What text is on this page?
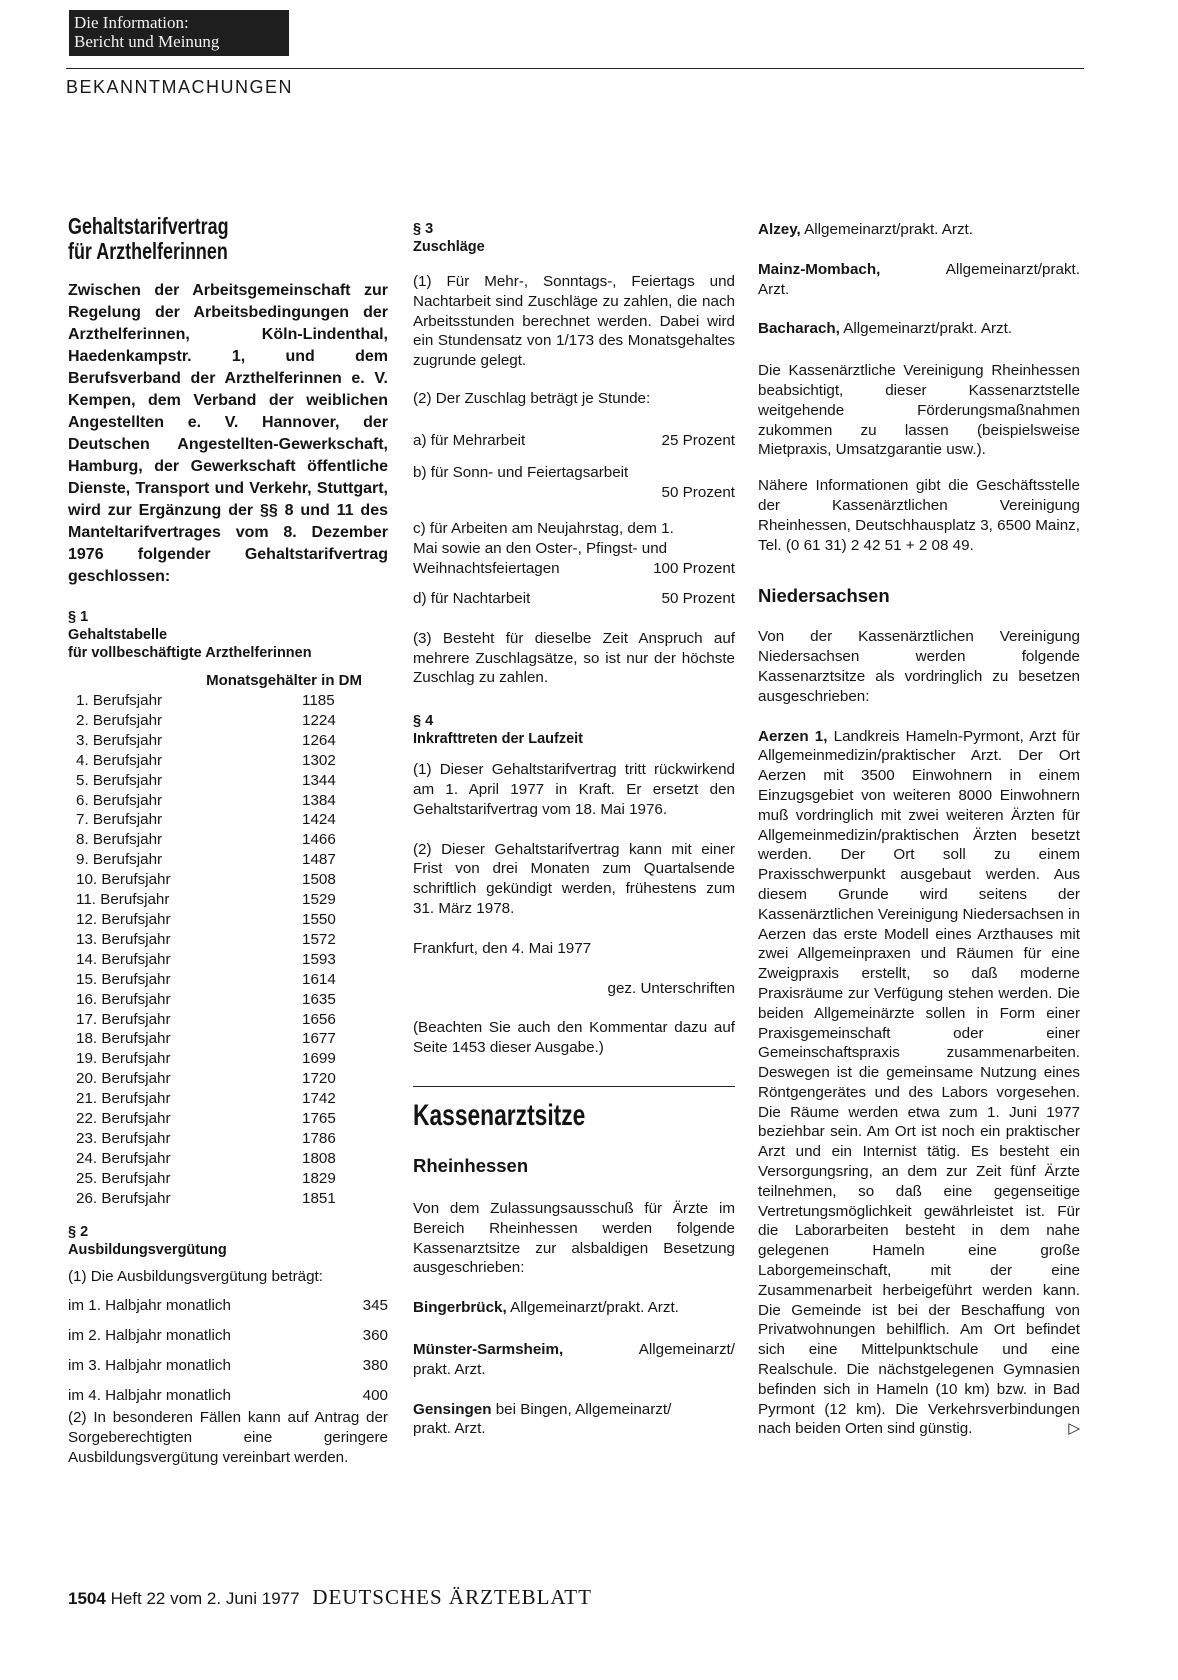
Die Information:
Bericht und Meinung
BEKANNTMACHUNGEN
Gehaltstarifvertrag
für Arzthelferinnen

Zwischen der Arbeitsgemeinschaft zur Regelung der Arbeitsbedingungen der Arzthelferinnen, Köln-Lindenthal, Haedenkampstr. 1, und dem Berufsverband der Arzthelferinnen e. V. Kempen, dem Verband der weiblichen Angestellten e. V. Hannover, der Deutschen Angestellten-Gewerkschaft, Hamburg, der Gewerkschaft öffentliche Dienste, Transport und Verkehr, Stuttgart, wird zur Ergänzung der §§ 8 und 11 des Manteltarifvertrages vom 8. Dezember 1976 folgender Gehaltstarifvertrag geschlossen:

§ 1
Gehaltstabelle
für vollbeschäftigte Arzthelferinnen
Monatsgehälter in DM	
1. Berufsjahr	1185
2. Berufsjahr	1224
3. Berufsjahr	1264
4. Berufsjahr	1302
5. Berufsjahr	1344
6. Berufsjahr	1384
7. Berufsjahr	1424
8. Berufsjahr	1466
9. Berufsjahr	1487
10. Berufsjahr	1508
11. Berufsjahr	1529
12. Berufsjahr	1550
13. Berufsjahr	1572
14. Berufsjahr	1593
15. Berufsjahr	1614
16. Berufsjahr	1635
17. Berufsjahr	1656
18. Berufsjahr	1677
19. Berufsjahr	1699
20. Berufsjahr	1720
21. Berufsjahr	1742
22. Berufsjahr	1765
23. Berufsjahr	1786
24. Berufsjahr	1808
25. Berufsjahr	1829
26. Berufsjahr	1851
§ 2
Ausbildungsvergütung

(1) Die Ausbildungsvergütung beträgt:

im 1. Halbjahr monatlich	345
im 2. Halbjahr monatlich	360
im 3. Halbjahr monatlich	380
im 4. Halbjahr monatlich	400

(2) In besonderen Fällen kann auf Antrag der Sorgeberechtigten eine geringere Ausbildungsvergütung vereinbart werden.

§ 3
Zuschläge

(1) Für Mehr-, Sonntags-, Feiertags und Nachtarbeit sind Zuschläge zu zahlen, die nach Arbeitsstunden berechnet werden. Dabei wird ein Stundensatz von 1/173 des Monatsgehaltes zugrunde gelegt.

(2) Der Zuschlag beträgt je Stunde:

a) für Mehrarbeit	25 Prozent
b) für Sonn- und Feiertagsarbeit
50 Prozent
c) für Arbeiten am Neujahrstag, dem 1.
Mai sowie an den Oster-, Pfingst- und
Weihnachtsfeiertagen	100 Prozent
d) für Nachtarbeit	50 Prozent

(3) Besteht für dieselbe Zeit Anspruch auf mehrere Zuschlagsätze, so ist nur der höchste Zuschlag zu zahlen.

§ 4
Inkrafttreten der Laufzeit

(1) Dieser Gehaltstarifvertrag tritt rückwirkend am 1. April 1977 in Kraft. Er ersetzt den Gehaltstarifvertrag vom 18. Mai 1976.

(2) Dieser Gehaltstarifvertrag kann mit einer Frist von drei Monaten zum Quartalsende schriftlich gekündigt werden, frühestens zum 31. März 1978.

Frankfurt, den 4. Mai 1977

gez. Unterschriften

(Beachten Sie auch den Kommentar dazu auf Seite 1453 dieser Ausgabe.)

Kassenarztsitze
Rheinhessen

Von dem Zulassungsausschuß für Ärzte im Bereich Rheinhessen werden folgende Kassenarztsitze zur alsbaldigen Besetzung ausgeschrieben:

Bingerbrück, Allgemeinarzt/prakt. Arzt.

Münster-Sarmsheim,	Allgemeinarzt/

prakt. Arzt.

Gensingen bei Bingen, Allgemeinarzt/

prakt. Arzt.

Alzey, Allgemeinarzt/prakt. Arzt.

Mainz-Mombach,	Allgemeinarzt/prakt.

Arzt.

Bacharach, Allgemeinarzt/prakt. Arzt.

Die Kassenärztliche Vereinigung Rheinhessen beabsichtigt, dieser Kassenarztstelle weitgehende Förderungsmaßnahmen zukommen zu lassen (beispielsweise Mietpraxis, Umsatzgarantie usw.).

Nähere Informationen gibt die Geschäftsstelle der Kassenärztlichen Vereinigung Rheinhessen, Deutschhausplatz 3, 6500 Mainz, Tel. (0 61 31) 2 42 51 + 2 08 49.

Niedersachsen

Von der Kassenärztlichen Vereinigung Niedersachsen werden folgende Kassenarztsitze als vordringlich zu besetzen ausgeschrieben:

Aerzen 1, Landkreis Hameln-Pyrmont, Arzt für Allgemeinmedizin/praktischer Arzt. Der Ort Aerzen mit 3500 Einwohnern in einem Einzugsgebiet von weiteren 8000 Einwohnern muß vordringlich mit zwei weiteren Ärzten für Allgemeinmedizin/praktischen Ärzten besetzt werden. Der Ort soll zu einem Praxisschwerpunkt ausgebaut werden. Aus diesem Grunde wird seitens der Kassenärztlichen Vereinigung Niedersachsen in Aerzen das erste Modell eines Arzthauses mit zwei Allgemeinpraxen und Räumen für eine Zweigpraxis erstellt, so daß moderne Praxisräume zur Verfügung stehen werden. Die beiden Allgemeinärzte sollen in Form einer Praxisgemeinschaft oder einer Gemeinschaftspraxis zusammenarbeiten. Deswegen ist die gemeinsame Nutzung eines Röntgengerätes und des Labors vorgesehen. Die Räume werden etwa zum 1. Juni 1977 beziehbar sein. Am Ort ist noch ein praktischer Arzt und ein Internist tätig. Es besteht ein Versorgungsring, an dem zur Zeit fünf Ärzte teilnehmen, so daß eine gegenseitige Vertretungsmöglichkeit gewährleistet ist. Für die Laborarbeiten besteht in dem nahe gelegenen Hameln eine große Laborgemeinschaft, mit der eine Zusammenarbeit herbeigeführt werden kann. Die Gemeinde ist bei der Beschaffung von Privatwohnungen behilflich. Am Ort befindet sich eine Mittelpunktschule und eine Realschule. Die nächstgelegenen Gymnasien befinden sich in Hameln (10 km) bzw. in Bad Pyrmont (12 km). Die Verkehrsverbindungen nach beiden Orten sind günstig.	▷

1504 Heft 22 vom 2. Juni 1977 DEUTSCHES ÄRZTEBLATT
